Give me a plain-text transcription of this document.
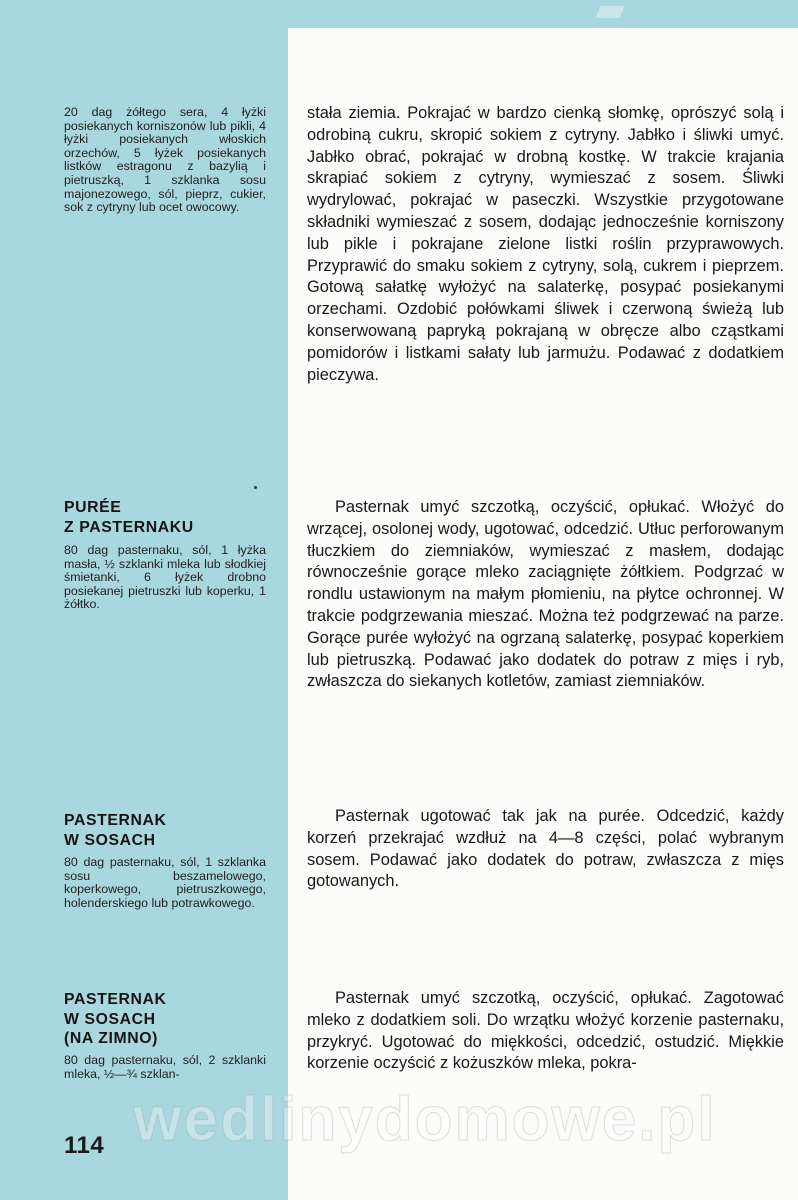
20 dag żółtego sera, 4 łyżki posiekanych korniszonów lub pikli, 4 łyżki posiekanych włoskich orzechów, 5 łyżek posiekanych listków estragonu z bazylią i pietruszką, 1 szklanka sosu majonezowego, sól, pieprz, cukier, sok z cytryny lub ocet owocowy.
stała ziemia. Pokrajać w bardzo cienką słomkę, oprószyć solą i odrobiną cukru, skropić sokiem z cytryny. Jabłko i śliwki umyć. Jabłko obrać, pokrajać w drobną kostkę. W trakcie krajania skrapiać sokiem z cytryny, wymieszać z sosem. Śliwki wydrylować, pokrajać w paseczki. Wszystkie przygotowane składniki wymieszać z sosem, dodając jednocześnie korniszony lub pikle i pokrajane zielone listki roślin przyprawowych. Przyprawić do smaku sokiem z cytryny, solą, cukrem i pieprzem. Gotową sałatkę wyłożyć na salaterkę, posypać posiekanymi orzechami. Ozdobić połówkami śliwek i czerwoną świeżą lub konserwowaną papryką pokrajaną w obręcze albo cząstkami pomidorów i listkami sałaty lub jarmużu. Podawać z dodatkiem pieczywa.
PURÉE
Z PASTERNAKU
80 dag pasternaku, sól, 1 łyżka masła, ½ szklanki mleka lub słodkiej śmietanki, 6 łyżek drobno posiekanej pietruszki lub koperku, 1 żółtko.
Pasternak umyć szczotką, oczyścić, opłukać. Włożyć do wrzącej, osolonej wody, ugotować, odcedzić. Utłuc perforowanym tłuczkiem do ziemniaków, wymieszać z masłem, dodając równocześnie gorące mleko zaciągnięte żółtkiem. Podgrzać w rondlu ustawionym na małym płomieniu, na płytce ochronnej. W trakcie podgrzewania mieszać. Można też podgrzewać na parze. Gorące purée wyłożyć na ogrzaną salaterkę, posypać koperkiem lub pietruszką. Podawać jako dodatek do potraw z mięs i ryb, zwłaszcza do siekanych kotletów, zamiast ziemniaków.
PASTERNAK
W SOSACH
80 dag pasternaku, sól, 1 szklanka sosu beszamelowego, koperkowego, pietruszkowego, holenderskiego lub potrawkowego.
Pasternak ugotować tak jak na purée. Odcedzić, każdy korzeń przekrajać wzdłuż na 4—8 części, polać wybranym sosem. Podawać jako dodatek do potraw, zwłaszcza z mięs gotowanych.
PASTERNAK
W SOSACH
(NA ZIMNO)
80 dag pasternaku, sól, 2 szklanki mleka, ½—¾ szklan-
Pasternak umyć szczotką, oczyścić, opłukać. Zagotować mleko z dodatkiem soli. Do wrzątku włożyć korzenie pasternaku, przykryć. Ugotować do miękkości, odcedzić, ostudzić. Miękkie korzenie oczyścić z kożuszków mleka, pokra-
wedlinydomowe.pl
114
